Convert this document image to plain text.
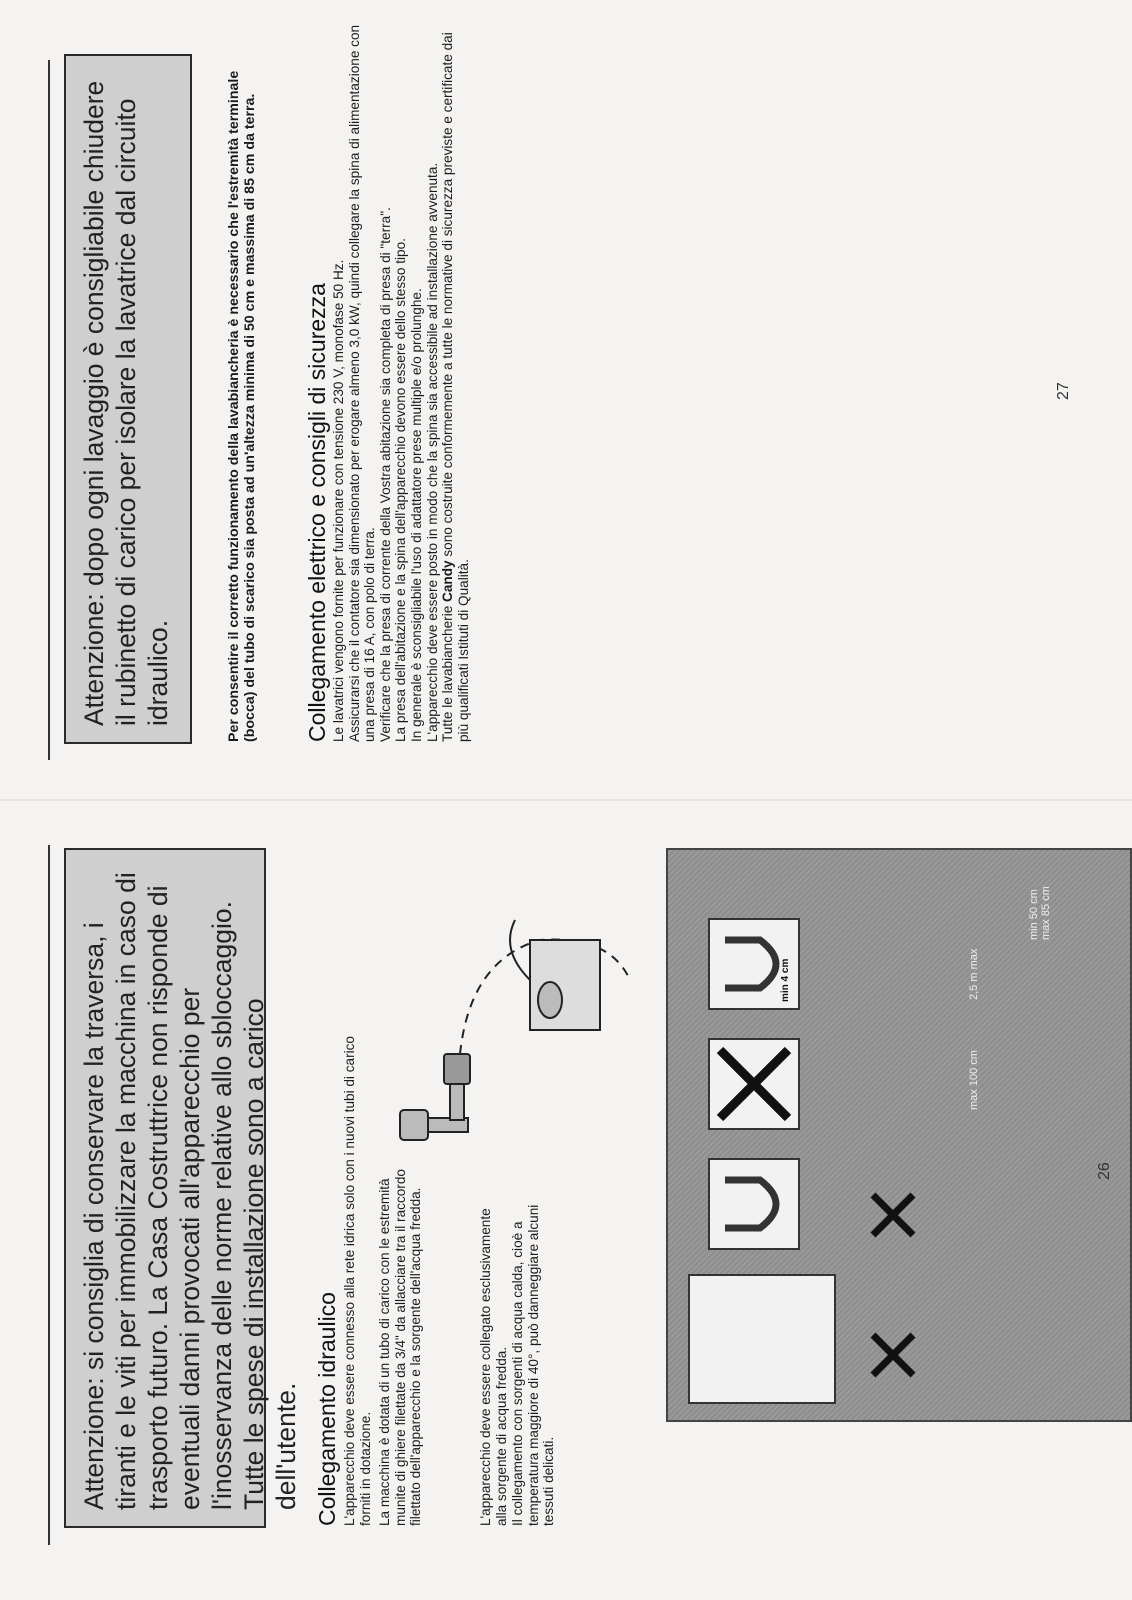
Attenzione: si consiglia di conservare la traversa, i tiranti e le viti per immobilizzare la macchina in caso di trasporto futuro. La Casa Costruttrice non risponde di eventuali danni provocati all'apparecchio per l'inosservanza delle norme relative allo sbloccaggio. Tutte le spese di installazione sono a carico dell'utente. Collegamento idraulico L'apparecchio deve essere connesso alla rete idrica solo con i nuovi tubi di carico forniti in dotazione. La macchina è dotata di un tubo di carico con le estremità munite di ghiere filettate da 3/4" da allacciare tra il raccordo filettato dell'apparecchio e la sorgente dell'acqua fredda.	L'apparecchio deve essere collegato esclusivamente alla sorgente di acqua fredda. Il collegamento con sorgenti di acqua calda, cioè a temperatura maggiore di 40°, può danneggiare alcuni tessuti delicati.

min 4 cm
max 100 cm
2,5 m max
min 50 cm
max 85 cm
26
Attenzione: dopo ogni lavaggio è consigliabile chiudere il rubinetto di carico per isolare la lavatrice dal circuito idraulico.	Per consentire il corretto funzionamento della lavabiancheria è necessario che l'estremità terminale (bocca) del tubo di scarico sia posta ad un'altezza minima di 50 cm e massima di 85 cm da terra. Collegamento elettrico e consigli di sicurezza Le lavatrici vengono fornite per funzionare con tensione 230 V, monofase 50 Hz. Assicurarsi che il contatore sia dimensionato per erogare almeno 3,0 kW, quindi collegare la spina di alimentazione con una presa di 16 A, con polo di terra. Verificare che la presa di corrente della Vostra abitazione sia completa di presa di "terra". La presa dell'abitazione e la spina dell'apparecchio devono essere dello stesso tipo. In generale è sconsigliabile l'uso di adattatore prese multiple e/o prolunghe. L'apparecchio deve essere posto in modo che la spina sia accessibile ad installazione avvenuta. Tutte le lavabiancherie Candy sono costruite conformemente a tutte le normative di sicurezza previste e certificate dai più qualificati Istituti di Qualità.

27
